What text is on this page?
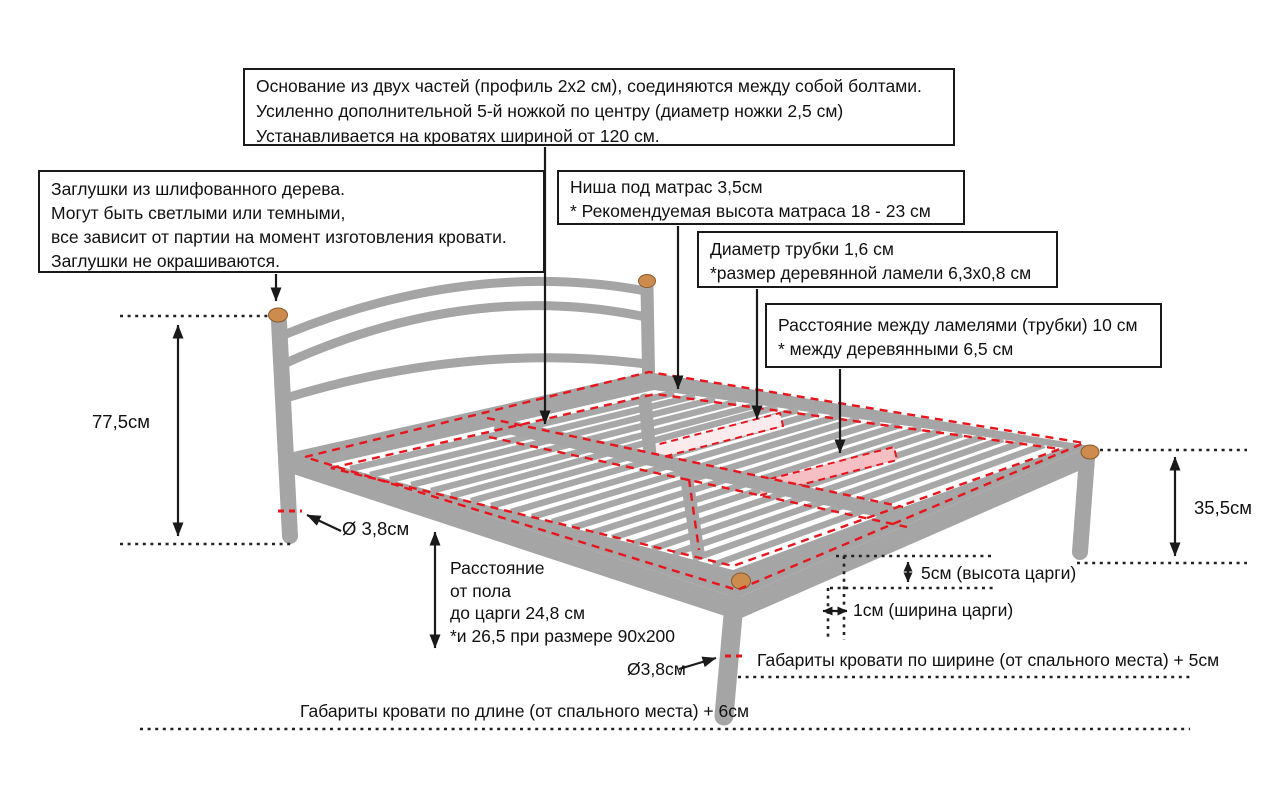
Основание из двух частей (профиль 2х2 см), соединяются между собой болтами.
Усиленно дополнительной 5-й ножкой по центру (диаметр ножки 2,5 см)
Устанавливается на кроватях шириной от 120 см.
Заглушки из шлифованного дерева.
Могут быть светлыми или темными,
все зависит от партии на момент изготовления кровати.
Заглушки не окрашиваются.
Ниша под матрас 3,5см
* Рекомендуемая высота матраса 18 - 23 см
Диаметр трубки 1,6 см
*размер деревянной ламели 6,3х0,8 см
Расстояние между ламелями (трубки) 10 см
* между деревянными 6,5 см
77,5см
Ø 3,8см
Расстояние
от пола
до царги 24,8 см
*и 26,5 при размере 90х200
35,5см
5см (высота царги)
1см (ширина царги)
Ø3,8см	Габариты кровати по ширине (от спального места) + 5см
Габариты кровати по длине (от спального места) + 6см
